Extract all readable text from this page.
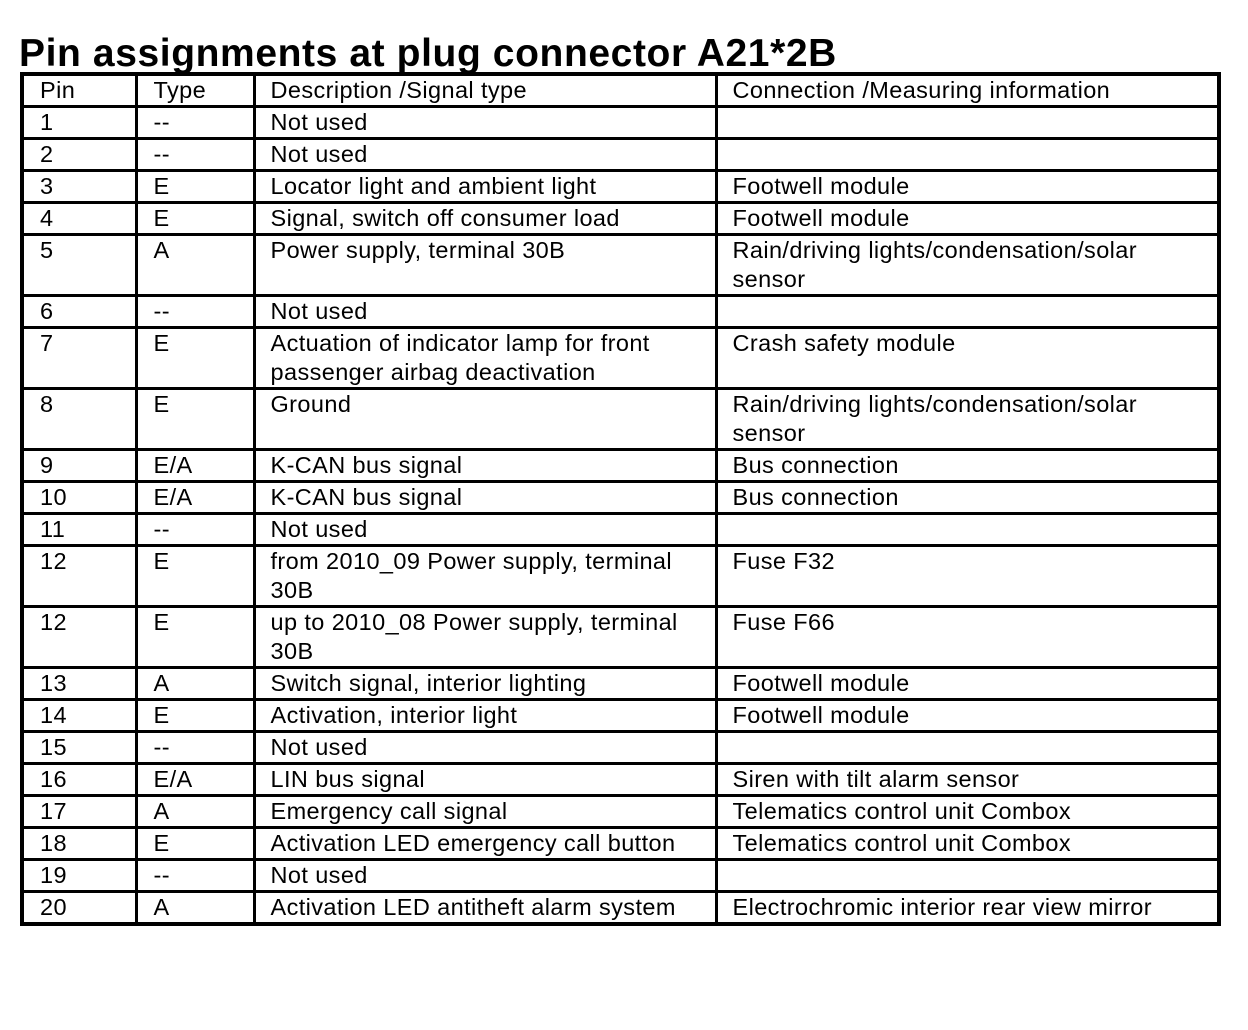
Pin assignments at plug connector A21*2B
Pin	Type	Description /Signal type	Connection /Measuring information
1	--	Not used	
2	--	Not used	
3	E	Locator light and ambient light	Footwell module
4	E	Signal, switch off consumer load	Footwell module
5	A	Power supply, terminal 30B	Rain/driving lights/condensation/solar sensor
6	--	Not used	
7	E	Actuation of indicator lamp for front passenger airbag deactivation	Crash safety module
8	E	Ground	Rain/driving lights/condensation/solar sensor
9	E/A	K-CAN bus signal	Bus connection
10	E/A	K-CAN bus signal	Bus connection
11	--	Not used	
12	E	from 2010_09 Power supply, terminal 30B	Fuse F32
12	E	up to 2010_08 Power supply, terminal 30B	Fuse F66
13	A	Switch signal, interior lighting	Footwell module
14	E	Activation, interior light	Footwell module
15	--	Not used	
16	E/A	LIN bus signal	Siren with tilt alarm sensor
17	A	Emergency call signal	Telematics control unit Combox
18	E	Activation LED emergency call button	Telematics control unit Combox
19	--	Not used	
20	A	Activation LED antitheft alarm system	Electrochromic interior rear view mirror
